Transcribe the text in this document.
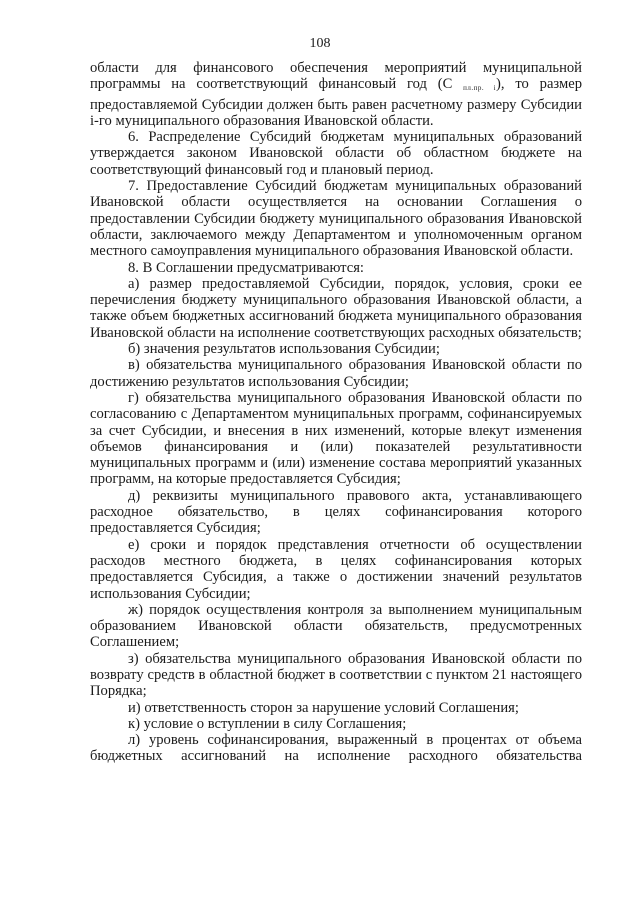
108

области для финансового обеспечения мероприятий муниципальной программы на соответствующий финансовый год (С $_{пл.пр. i}$), то размер предоставляемой Субсидии должен быть равен расчетному размеру Субсидии i-го муниципального образования Ивановской области.

6. Распределение Субсидий бюджетам муниципальных образований утверждается законом Ивановской области об областном бюджете на соответствующий финансовый год и плановый период.

7. Предоставление Субсидий бюджетам муниципальных образований Ивановской области осуществляется на основании Соглашения о предоставлении Субсидии бюджету муниципального образования Ивановской области, заключаемого между Департаментом и уполномоченным органом местного самоуправления муниципального образования Ивановской области.

8. В Соглашении предусматриваются:

а) размер предоставляемой Субсидии, порядок, условия, сроки ее перечисления бюджету муниципального образования Ивановской области, а также объем бюджетных ассигнований бюджета муниципального образования Ивановской области на исполнение соответствующих расходных обязательств;

б) значения результатов использования Субсидии;

в) обязательства муниципального образования Ивановской области по достижению результатов использования Субсидии;

г) обязательства муниципального образования Ивановской области по согласованию с Департаментом муниципальных программ, софинансируемых за счет Субсидии, и внесения в них изменений, которые влекут изменения объемов финансирования и (или) показателей результативности муниципальных программ и (или) изменение состава мероприятий указанных программ, на которые предоставляется Субсидия;

д) реквизиты муниципального правового акта, устанавливающего расходное обязательство, в целях софинансирования которого предоставляется Субсидия;

е) сроки и порядок представления отчетности об осуществлении расходов местного бюджета, в целях софинансирования которых предоставляется Субсидия, а также о достижении значений результатов использования Субсидии;

ж) порядок осуществления контроля за выполнением муниципальным образованием Ивановской области обязательств, предусмотренных Соглашением;

з) обязательства муниципального образования Ивановской области по возврату средств в областной бюджет в соответствии с пунктом 21 настоящего Порядка;

и) ответственность сторон за нарушение условий Соглашения;

к) условие о вступлении в силу Соглашения;

л) уровень софинансирования, выраженный в процентах от объема бюджетных ассигнований на исполнение расходного обязательства
